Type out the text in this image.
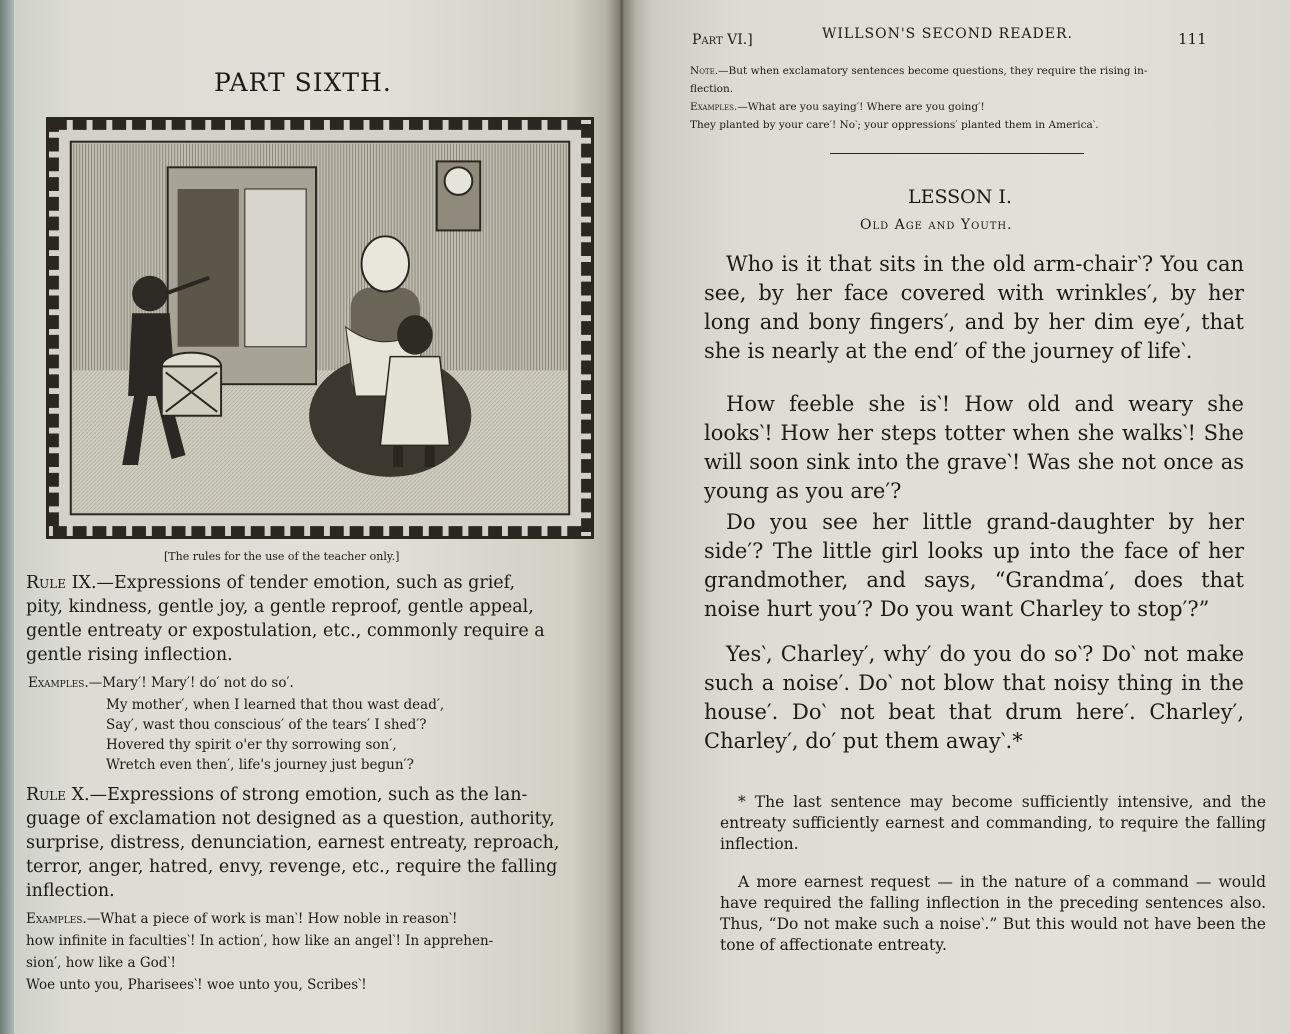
PART SIXTH.
[The rules for the use of the teacher only.]

Rule IX.—Expressions of tender emotion, such as grief,

pity, kindness, gentle joy, a gentle reproof, gentle appeal,

gentle entreaty or expostulation, etc., commonly require a

gentle rising inflection.

Examples.—Mary′! Mary′! do′ not do so′.

My mother′, when I learned that thou wast dead′,

Say′, wast thou conscious′ of the tears′ I shed′?

Hovered thy spirit o'er thy sorrowing son′,

Wretch even then′, life's journey just begun′?

Rule X.—Expressions of strong emotion, such as the lan-

guage of exclamation not designed as a question, authority,

surprise, distress, denunciation, earnest entreaty, reproach,

terror, anger, hatred, envy, revenge, etc., require the falling

inflection.

Examples.—What a piece of work is man‵! How noble in reason‵!

how infinite in faculties‵! In action′, how like an angel‵! In apprehen-

sion′, how like a God‵!

Woe unto you, Pharisees‵! woe unto you, Scribes‵!

Part VI.]	WILLSON'S SECOND READER.	111
Note.—But when exclamatory sentences become questions, they require the rising in-
flection.
Examples.—What are you saying′! Where are you going′!
They planted by your care′! No‵; your oppressions′ planted them in America‵.
LESSON I.
Old Age and Youth.

Who is it that sits in the old arm-chair‵? You can see, by her face covered with wrinkles′, by her long and bony fingers′, and by her dim eye′, that she is nearly at the end′ of the journey of life‵.

How feeble she is‵! How old and weary she looks‵! How her steps totter when she walks‵! She will soon sink into the grave‵! Was she not once as young as you are′?

Do you see her little grand-daughter by her side′? The little girl looks up into the face of her grandmother, and says, “Grandma′, does that noise hurt you′? Do you want Charley to stop′?”

Yes‵, Charley′, why′ do you do so‵? Do‵ not make such a noise′. Do‵ not blow that noisy thing in the house′. Do‵ not beat that drum here′. Charley′, Charley′, do′ put them away‵.*

* The last sentence may become sufficiently intensive, and the entreaty sufficiently earnest and commanding, to require the falling inflection.

A more earnest request — in the nature of a command — would have required the falling inflection in the preceding sentences also. Thus, “Do not make such a noise‵.” But this would not have been the tone of affectionate entreaty.
